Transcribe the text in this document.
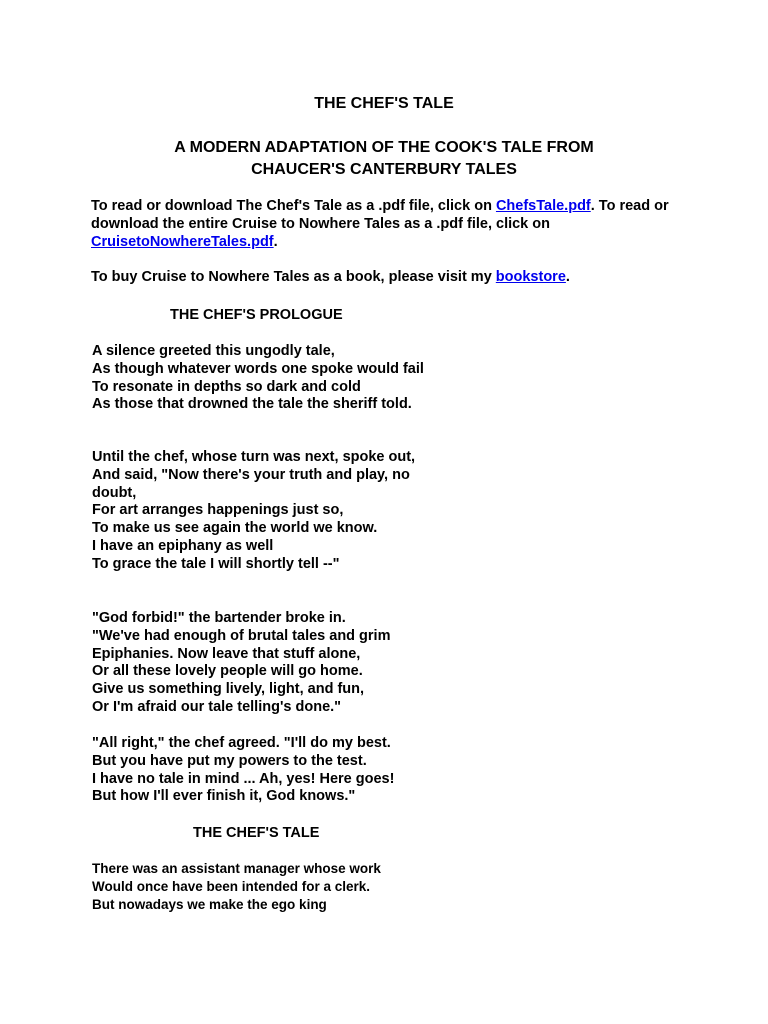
THE CHEF'S TALE
A MODERN ADAPTATION OF THE COOK'S TALE FROM
CHAUCER'S CANTERBURY TALES

To read or download The Chef's Tale as a .pdf file, click on ChefsTale.pdf. To read or download the entire Cruise to Nowhere Tales as a .pdf file, click on CruisetoNowhereTales.pdf.

To buy Cruise to Nowhere Tales as a book, please visit my bookstore.

THE CHEF'S PROLOGUE
A silence greeted this ungodly tale,
As though whatever words one spoke would fail
To resonate in depths so dark and cold
As those that drowned the tale the sheriff told.
Until the chef, whose turn was next, spoke out,
And said, "Now there's your truth and play, no doubt,
For art arranges happenings just so,
To make us see again the world we know.
I have an epiphany as well
To grace the tale I will shortly tell --"
"God forbid!" the bartender broke in.
"We've had enough of brutal tales and grim
Epiphanies. Now leave that stuff alone,
Or all these lovely people will go home.
Give us something lively, light, and fun,
Or I'm afraid our tale telling's done."
"All right," the chef agreed. "I'll do my best.
But you have put my powers to the test.
I have no tale in mind ... Ah, yes! Here goes!
But how I'll ever finish it, God knows."
THE CHEF'S TALE
There was an assistant manager whose work
Would once have been intended for a clerk.
But nowadays we make the ego king
